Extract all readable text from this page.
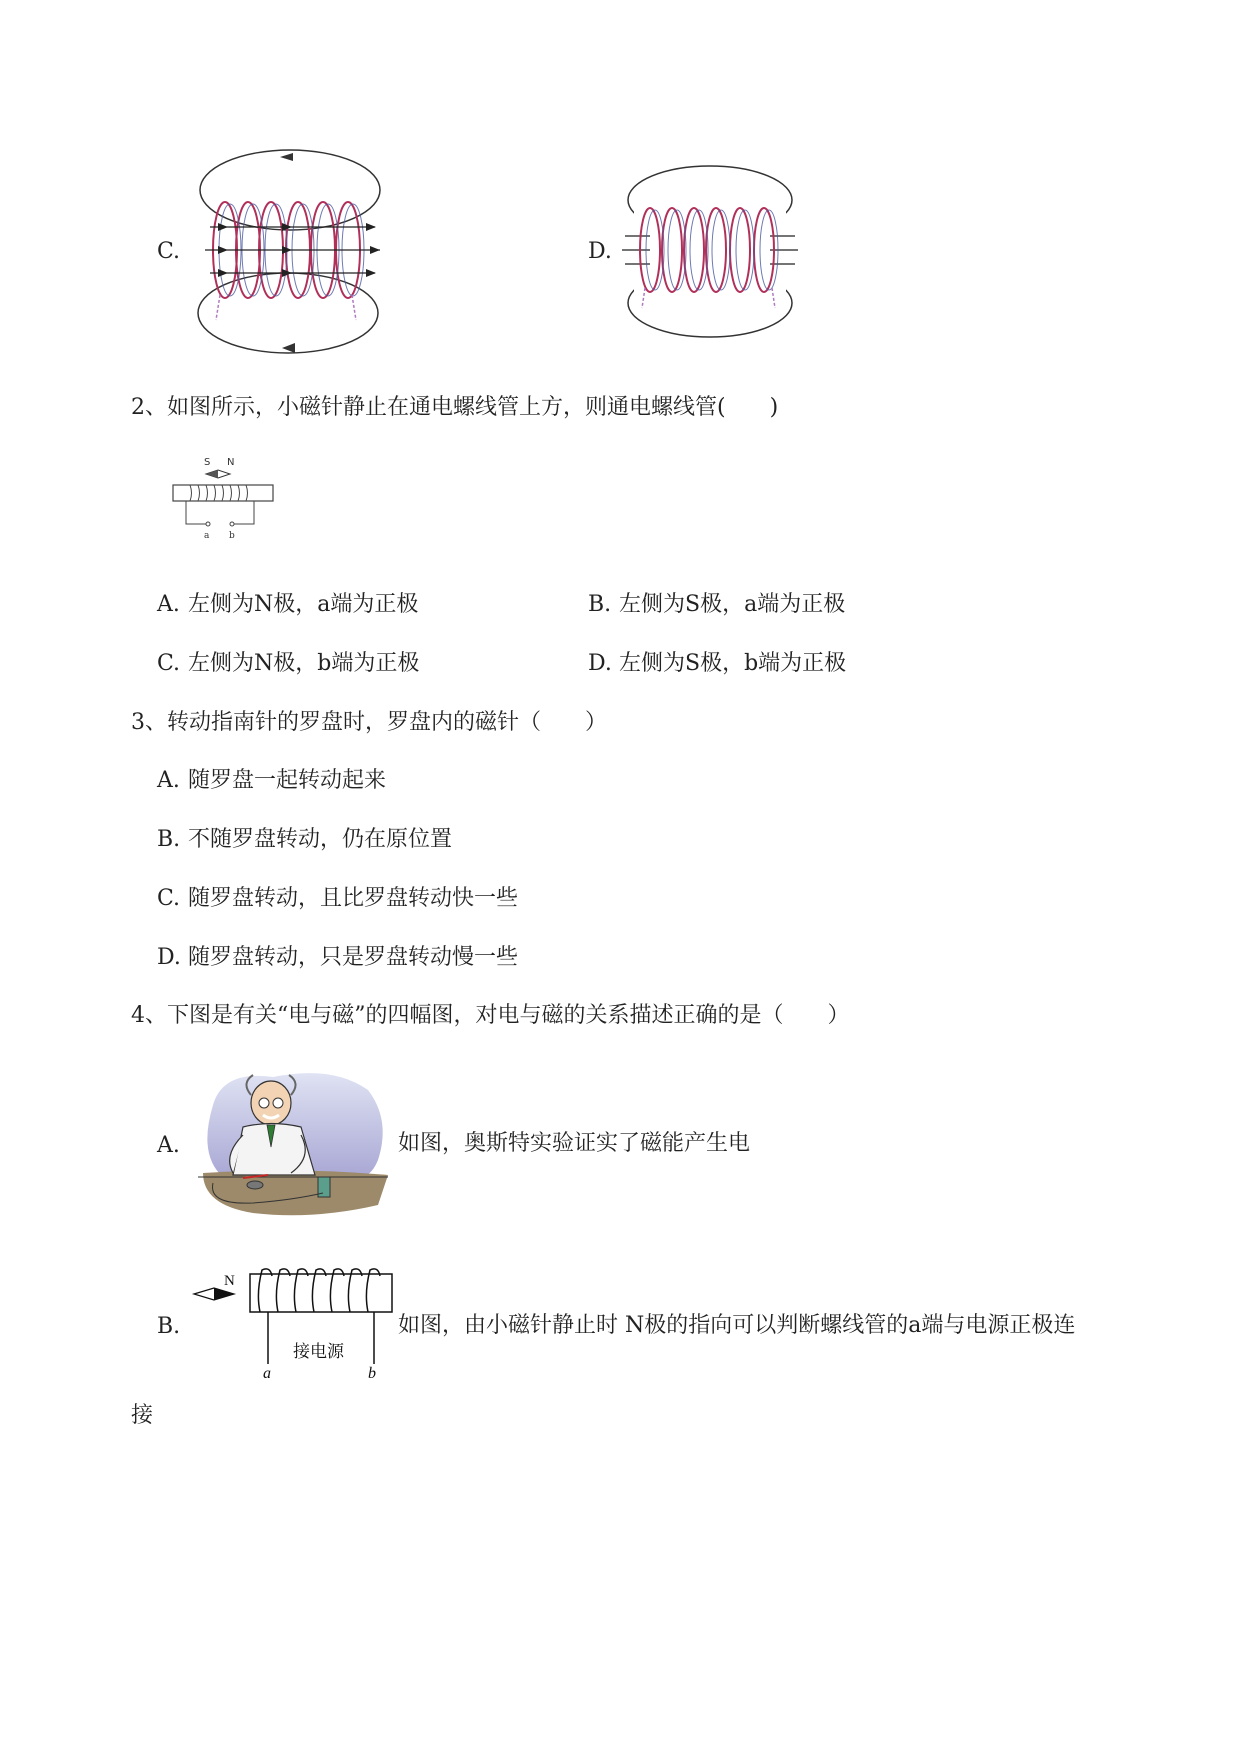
C.	D.
2、如图所示，小磁针静止在通电螺线管上方，则通电螺线管(　　)
S N
a b
A. 左侧为N极，a端为正极	B. 左侧为S极，a端为正极
C. 左侧为N极，b端为正极	D. 左侧为S极，b端为正极
3、转动指南针的罗盘时，罗盘内的磁针（　　）
A. 随罗盘一起转动起来
B. 不随罗盘转动，仍在原位置
C. 随罗盘转动，且比罗盘转动快一些
D. 随罗盘转动，只是罗盘转动慢一些
4、下图是有关“电与磁”的四幅图，对电与磁的关系描述正确的是（　　）
A.	如图，奥斯特实验证实了磁能产生电
B.
N
接电源
a	b
如图，由小磁针静止时 N极的指向可以判断螺线管的a端与电源正极连
接
